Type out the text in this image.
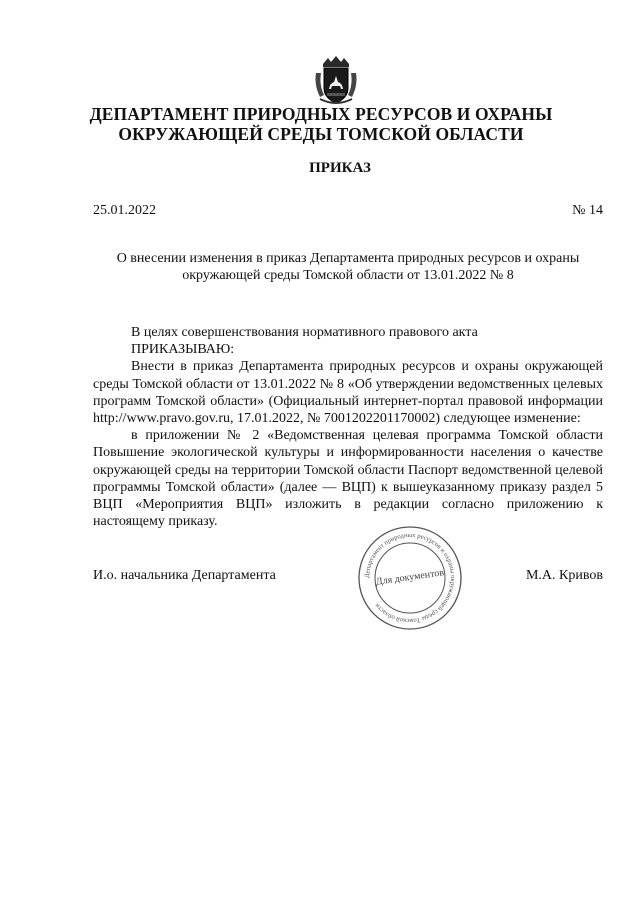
ДЕПАРТАМЕНТ ПРИРОДНЫХ РЕСУРСОВ И ОХРАНЫ
ОКРУЖАЮЩЕЙ СРЕДЫ ТОМСКОЙ ОБЛАСТИ
ПРИКАЗ
25.01.2022	№ 14
О внесении изменения в приказ Департамента природных ресурсов и охраны
окружающей среды Томской области от 13.01.2022 № 8

В целях совершенствования нормативного правового акта

ПРИКАЗЫВАЮ:

Внести в приказ Департамента природных ресурсов и охраны окружающей среды Томской области от 13.01.2022 № 8 «Об утверждении ведомственных целевых программ Томской области» (Официальный интернет-портал правовой информации http://www.pravo.gov.ru, 17.01.2022, № 7001202201170002) следующее изменение:

в приложении № 2 «Ведомственная целевая программа Томской области Повышение экологической культуры и информированности населения о качестве окружающей среды на территории Томской области Паспорт ведомственной целевой программы Томской области» (далее — ВЦП) к вышеуказанному приказу раздел 5 ВЦП «Мероприятия ВЦП» изложить в редакции согласно приложению к настоящему приказу.

И.о. начальника Департамента	М.А. Кривов
Департамент природных ресурсов и охраны окружающей среды Томской области
Для документов
